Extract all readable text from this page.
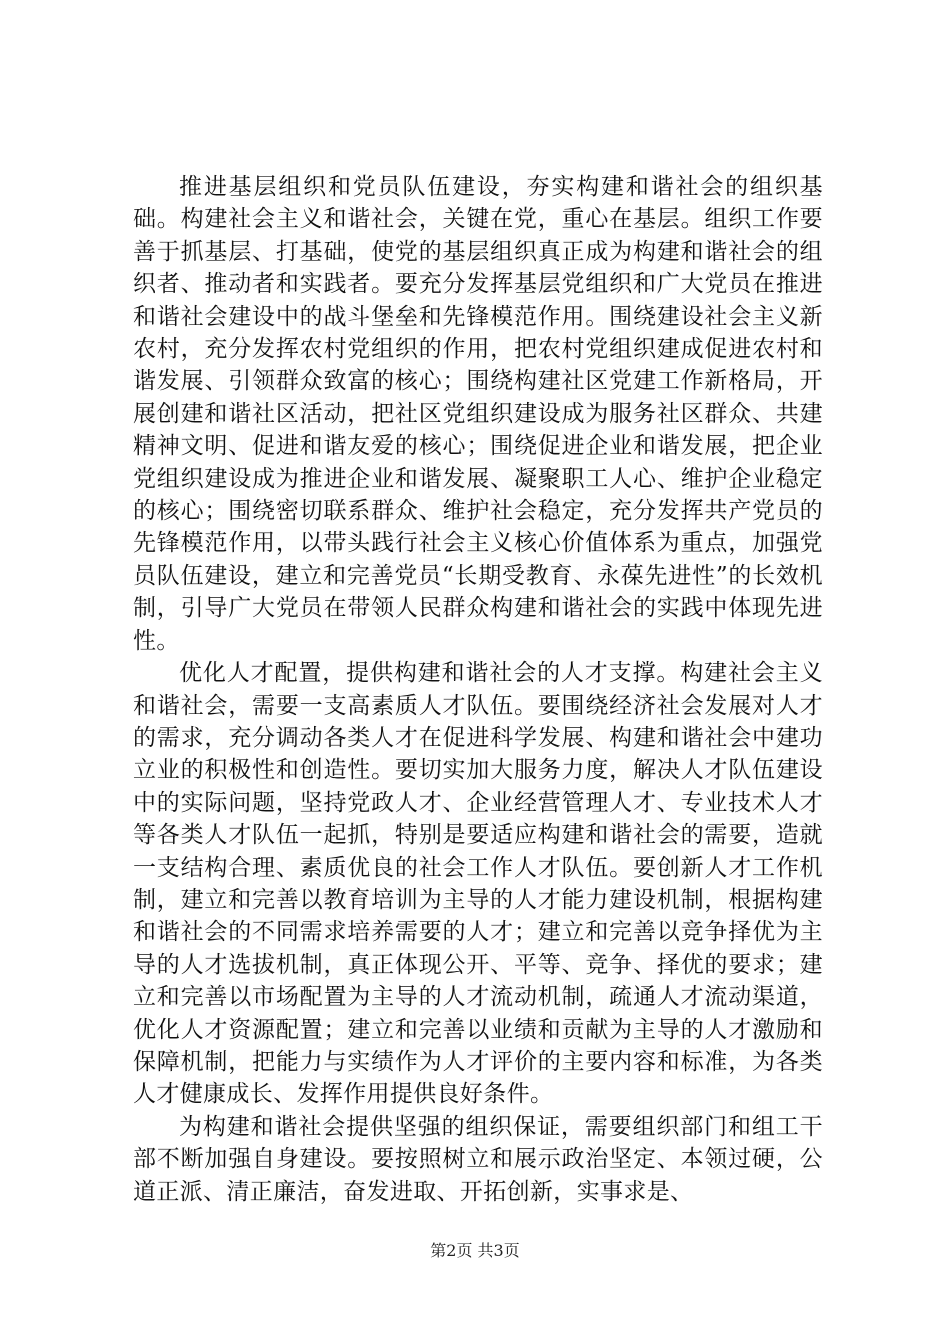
推进基层组织和党员队伍建设，夯实构建和谐社会的组织基础。构建社会主义和谐社会，关键在党，重心在基层。组织工作要善于抓基层、打基础，使党的基层组织真正成为构建和谐社会的组织者、推动者和实践者。要充分发挥基层党组织和广大党员在推进和谐社会建设中的战斗堡垒和先锋模范作用。围绕建设社会主义新农村，充分发挥农村党组织的作用，把农村党组织建成促进农村和谐发展、引领群众致富的核心；围绕构建社区党建工作新格局，开展创建和谐社区活动，把社区党组织建设成为服务社区群众、共建精神文明、促进和谐友爱的核心；围绕促进企业和谐发展，把企业党组织建设成为推进企业和谐发展、凝聚职工人心、维护企业稳定的核心；围绕密切联系群众、维护社会稳定，充分发挥共产党员的先锋模范作用，以带头践行社会主义核心价值体系为重点，加强党员队伍建设，建立和完善党员“长期受教育、永葆先进性”的长效机制，引导广大党员在带领人民群众构建和谐社会的实践中体现先进性。

优化人才配置，提供构建和谐社会的人才支撑。构建社会主义和谐社会，需要一支高素质人才队伍。要围绕经济社会发展对人才的需求，充分调动各类人才在促进科学发展、构建和谐社会中建功立业的积极性和创造性。要切实加大服务力度，解决人才队伍建设中的实际问题，坚持党政人才、企业经营管理人才、专业技术人才等各类人才队伍一起抓，特别是要适应构建和谐社会的需要，造就一支结构合理、素质优良的社会工作人才队伍。要创新人才工作机制，建立和完善以教育培训为主导的人才能力建设机制，根据构建和谐社会的不同需求培养需要的人才；建立和完善以竞争择优为主导的人才选拔机制，真正体现公开、平等、竞争、择优的要求；建立和完善以市场配置为主导的人才流动机制，疏通人才流动渠道，优化人才资源配置；建立和完善以业绩和贡献为主导的人才激励和保障机制，把能力与实绩作为人才评价的主要内容和标准，为各类人才健康成长、发挥作用提供良好条件。

为构建和谐社会提供坚强的组织保证，需要组织部门和组工干部不断加强自身建设。要按照树立和展示政治坚定、本领过硬，公道正派、清正廉洁，奋发进取、开拓创新，实事求是、

第2页 共3页
